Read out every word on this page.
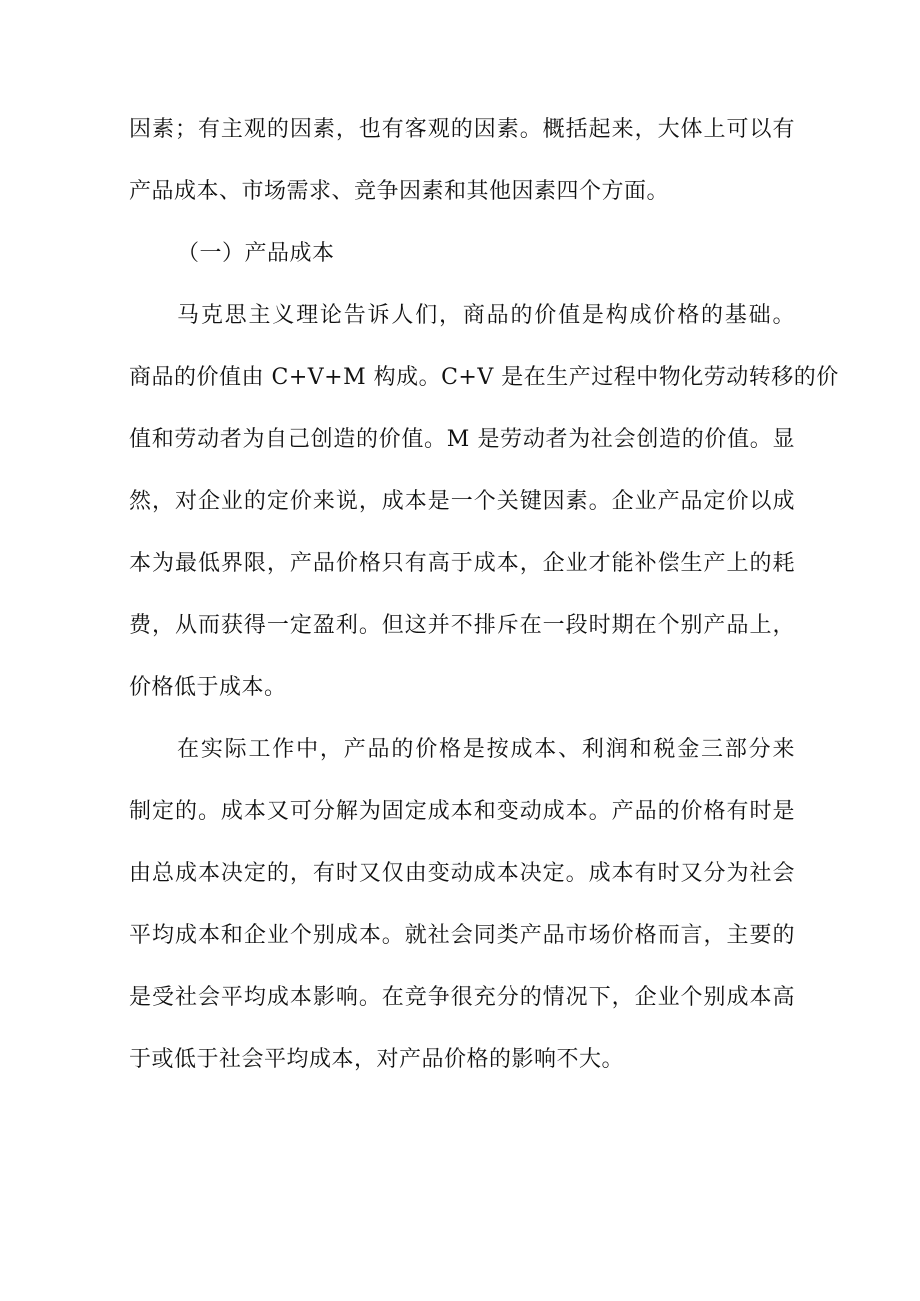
因素；有主观的因素，也有客观的因素。概括起来，大体上可以有
产品成本、市场需求、竞争因素和其他因素四个方面。
（一）产品成本
马克思主义理论告诉人们，商品的价值是构成价格的基础。
商品的价值由 C+V+M 构成。C+V 是在生产过程中物化劳动转移的价
值和劳动者为自己创造的价值。M 是劳动者为社会创造的价值。显
然，对企业的定价来说，成本是一个关键因素。企业产品定价以成
本为最低界限，产品价格只有高于成本，企业才能补偿生产上的耗
费，从而获得一定盈利。但这并不排斥在一段时期在个别产品上，
价格低于成本。
在实际工作中，产品的价格是按成本、利润和税金三部分来
制定的。成本又可分解为固定成本和变动成本。产品的价格有时是
由总成本决定的，有时又仅由变动成本决定。成本有时又分为社会
平均成本和企业个别成本。就社会同类产品市场价格而言，主要的
是受社会平均成本影响。在竞争很充分的情况下，企业个别成本高
于或低于社会平均成本，对产品价格的影响不大。
